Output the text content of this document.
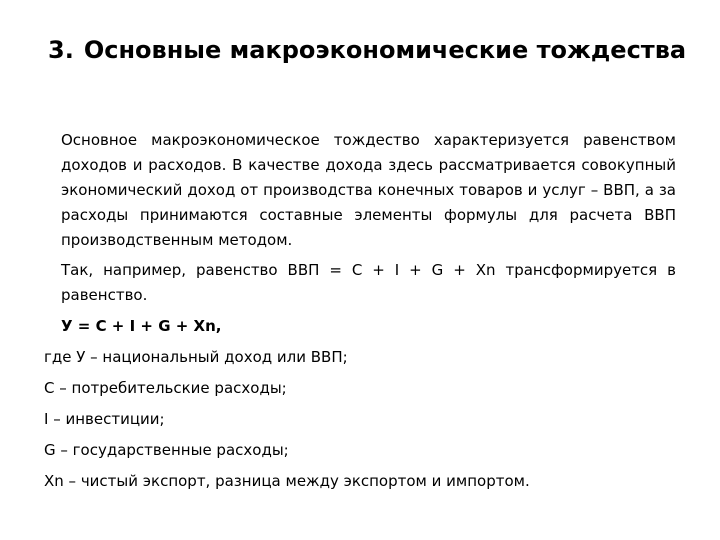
3. Основные макроэкономические тождества

Основное макроэкономическое тождество характеризуется равенством доходов и расходов. В качестве дохода здесь рассматривается совокупный экономический доход от производства конечных товаров и услуг – ВВП, а за расходы принимаются составные элементы формулы для расчета ВВП производственным методом.

Так, например, равенство ВВП = C + I + G + Xn трансформируется в равенство.

У = C + I + G + Xn,

где У – национальный доход или ВВП;

C – потребительские расходы;

I – инвестиции;

G – государственные расходы;

Xn – чистый экспорт, разница между экспортом и импортом.
